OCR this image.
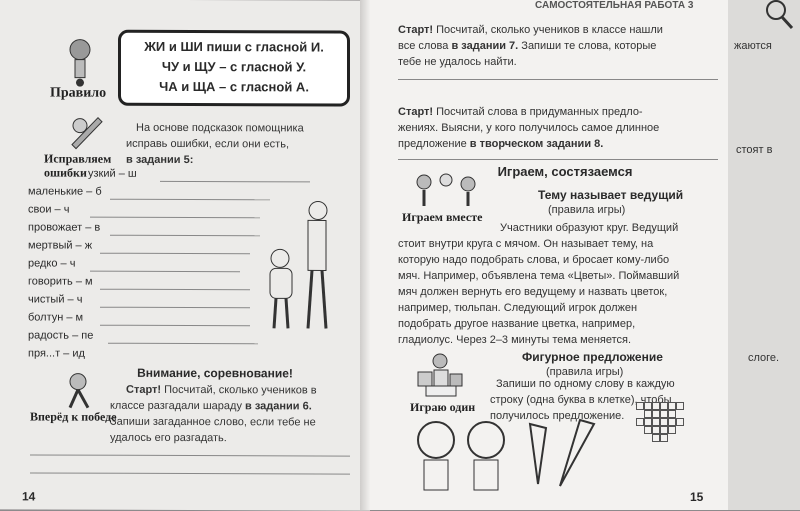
Правило
ЖИ и ШИ пиши с гласной И.
ЧУ и ЩУ – с гласной У.
ЧА и ЩА – с гласной А.
Исправляем ошибки
На основе подсказок помощника
исправь ошибки, если они есть,
в задании 5:
узкий – ш
маленькие – б
свои – ч
провожает – в
мертвый – ж
редко – ч
говорить – м
чистый – ч
болтун – м
радость – пе
пря...т – ид
Внимание, соревнование!
Вперёд к победе
Старт! Посчитай, сколько учеников в
классе разгадали шараду в задании 6.
Запиши загаданное слово, если тебе не
удалось его разгадать.
14
САМОСТОЯТЕЛЬНАЯ РАБОТА 3
Старт! Посчитай, сколько учеников в классе нашли
все слова в задании 7. Запиши те слова, которые
тебе не удалось найти.
Старт! Посчитай слова в придуманных предло-
жениях. Выясни, у кого получилось самое длинное
предложение в творческом задании 8.
Играем, состязаемся
Играем вместе
Тему называет ведущий
(правила игры)
Участники образуют круг. Ведущий
стоит внутри круга с мячом. Он называет тему, на
которую надо подобрать слова, и бросает кому-либо
мяч. Например, объявлена тема «Цветы». Поймавший
мяч должен вернуть его ведущему и назвать цветок,
например, тюльпан. Следующий игрок должен
подобрать другое название цветка, например,
гладиолус. Через 2–3 минуты тема меняется.
Фигурное предложение
(правила игры)
Играю один
Запиши по одному слову в каждую
строку (одна буква в клетке), чтобы
получилось предложение.
15
жаются
стоят в
слоге.
